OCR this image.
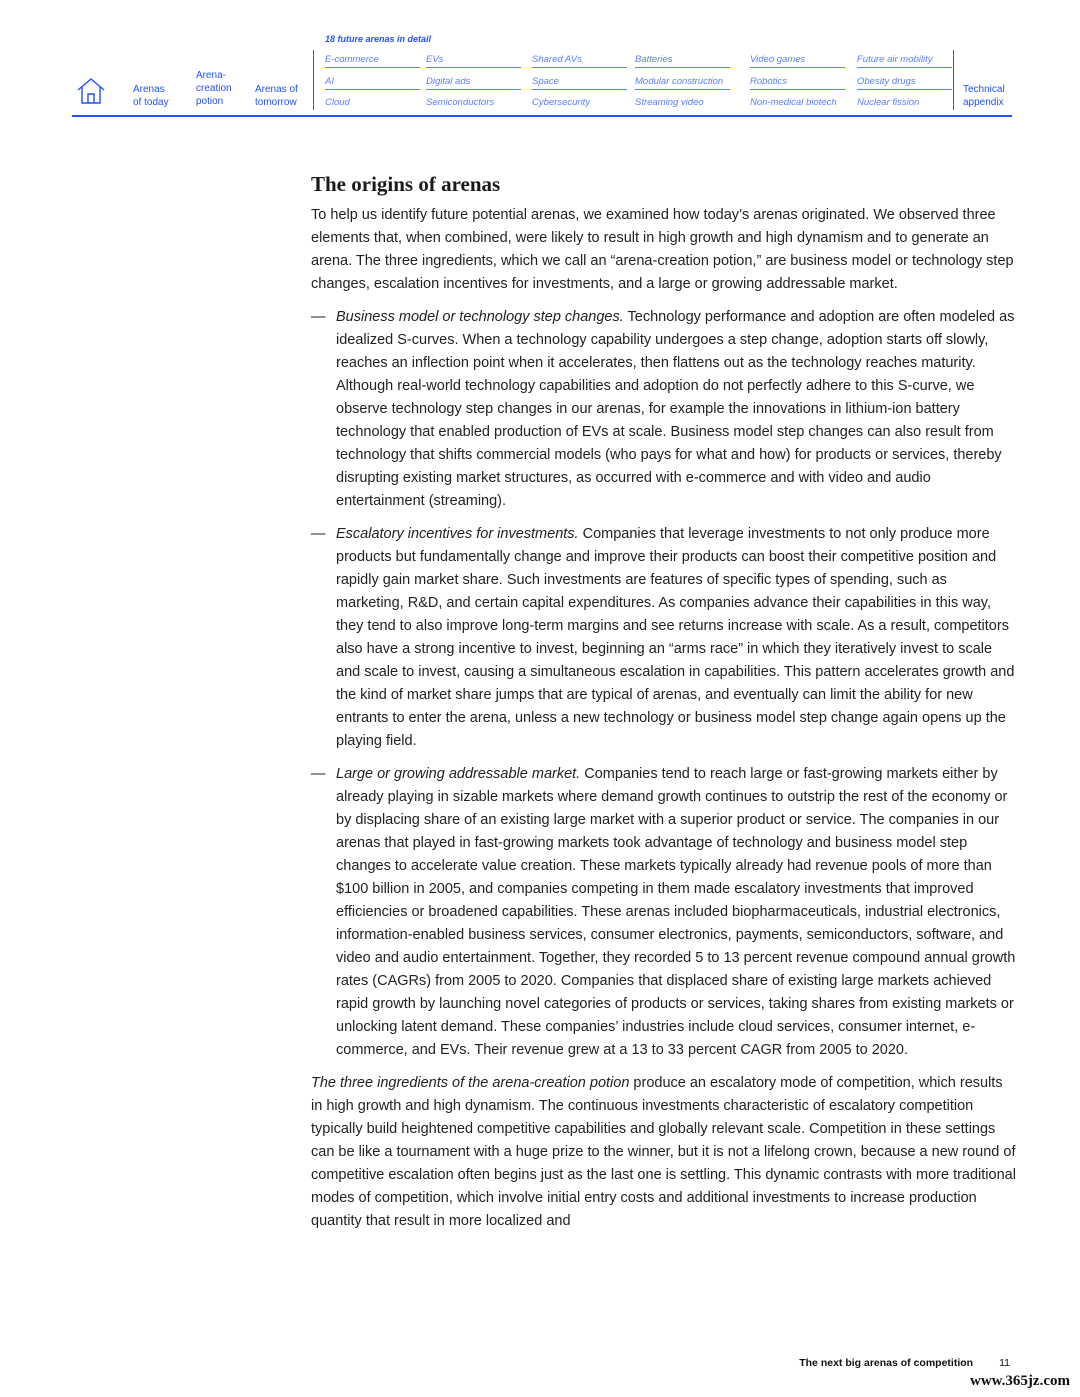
Arenas
of today
Arena-
creation
potion
Arenas of
tomorrow
18 future arenas in detail
E-commerce	EVs	Shared AVs	Batteries	Video games	Future air mobility
AI	Digital ads	Space	Modular construction	Robotics	Obesity drugs
Cloud	Semiconductors	Cybersecurity	Streaming video	Non-medical biotech	Nuclear fission
Technical
appendix
The origins of arenas

To help us identify future potential arenas, we examined how today’s arenas originated. We observed three elements that, when combined, were likely to result in high growth and high dynamism and to generate an arena. The three ingredients, which we call an “arena-creation potion,” are business model or technology step changes, escalation incentives for investments, and a large or growing addressable market.

— Business model or technology step changes. Technology performance and adoption are often modeled as idealized S-curves. When a technology capability undergoes a step change, adoption starts off slowly, reaches an inflection point when it accelerates, then flattens out as the technology reaches maturity. Although real-world technology capabilities and adoption do not perfectly adhere to this S-curve, we observe technology step changes in our arenas, for example the innovations in lithium-ion battery technology that enabled production of EVs at scale. Business model step changes can also result from technology that shifts commercial models (who pays for what and how) for products or services, thereby disrupting existing market structures, as occurred with e-commerce and with video and audio entertainment (streaming).
— Escalatory incentives for investments. Companies that leverage investments to not only produce more products but fundamentally change and improve their products can boost their competitive position and rapidly gain market share. Such investments are features of specific types of spending, such as marketing, R&D, and certain capital expenditures. As companies advance their capabilities in this way, they tend to also improve long-term margins and see returns increase with scale. As a result, competitors also have a strong incentive to invest, beginning an “arms race” in which they iteratively invest to scale and scale to invest, causing a simultaneous escalation in capabilities. This pattern accelerates growth and the kind of market share jumps that are typical of arenas, and eventually can limit the ability for new entrants to enter the arena, unless a new technology or business model step change again opens up the playing field.
— Large or growing addressable market. Companies tend to reach large or fast-growing markets either by already playing in sizable markets where demand growth continues to outstrip the rest of the economy or by displacing share of an existing large market with a superior product or service. The companies in our arenas that played in fast-growing markets took advantage of technology and business model step changes to accelerate value creation. These markets typically already had revenue pools of more than $100 billion in 2005, and companies competing in them made escalatory investments that improved efficiencies or broadened capabilities. These arenas included biopharmaceuticals, industrial electronics, information-enabled business services, consumer electronics, payments, semiconductors, software, and video and audio entertainment. Together, they recorded 5 to 13 percent revenue compound annual growth rates (CAGRs) from 2005 to 2020. Companies that displaced share of existing large markets achieved rapid growth by launching novel categories of products or services, taking shares from existing markets or unlocking latent demand. These companies’ industries include cloud services, consumer internet, e-commerce, and EVs. Their revenue grew at a 13 to 33 percent CAGR from 2005 to 2020.

The three ingredients of the arena-creation potion produce an escalatory mode of competition, which results in high growth and high dynamism. The continuous investments characteristic of escalatory competition typically build heightened competitive capabilities and globally relevant scale. Competition in these settings can be like a tournament with a huge prize to the winner, but it is not a lifelong crown, because a new round of competitive escalation often begins just as the last one is settling. This dynamic contrasts with more traditional modes of competition, which involve initial entry costs and additional investments to increase production quantity that result in more localized and

The next big arenas of competition 11
www.365jz.com
